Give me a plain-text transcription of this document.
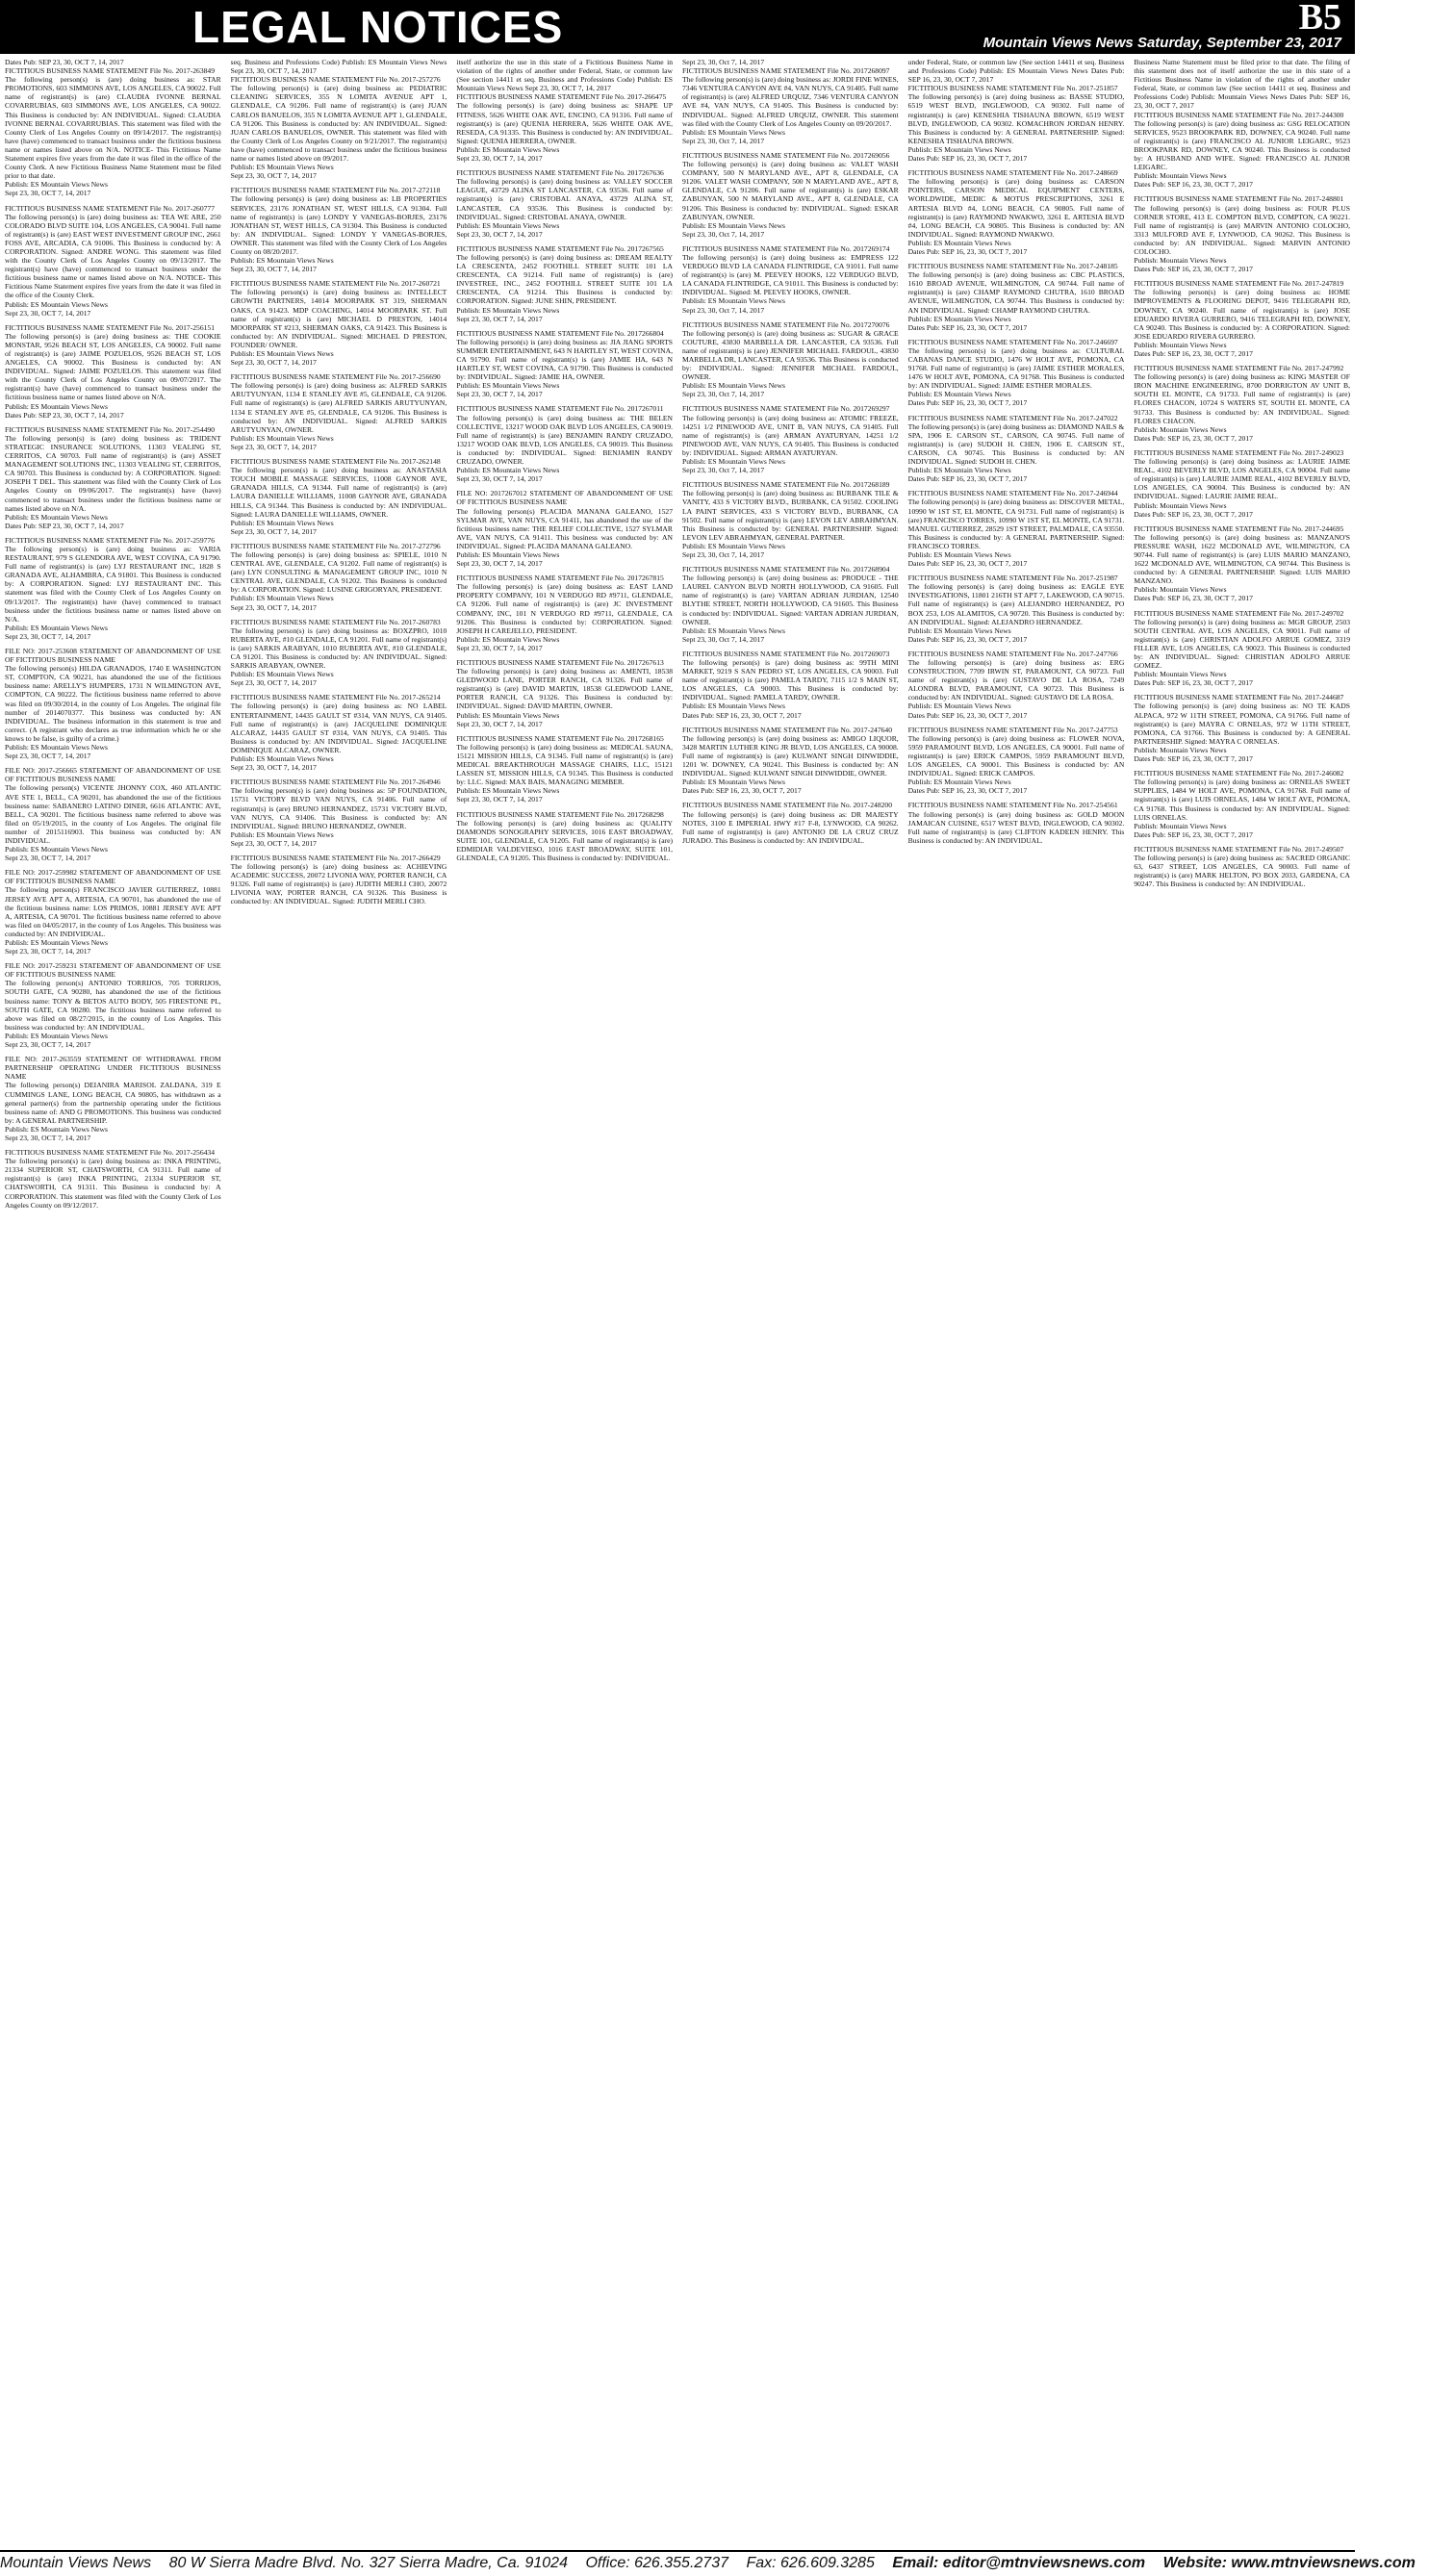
LEGAL NOTICES	B5
Mountain Views News Saturday, September 23, 2017
Dates Pub: SEP 23, 30, OCT 7, 14, 2017
FICTITIOUS BUSINESS NAME STATEMENT File No. 2017-263849
The following person(s) is (are) doing business as: STAR PROMOTIONS, 603 SIMMONS AVE, LOS ANGELES, CA 90022. Full name of registrant(s) is (are) CLAUDIA IVONNE BERNAL COVARRUBIAS, 603 SIMMONS AVE, LOS ANGELES, CA 90022. This Business is conducted by: AN INDIVIDUAL. Signed: CLAUDIA IVONNE BERNAL COVARRUBIAS. This statement was filed with the County Clerk of Los Angeles County on 09/14/2017. The registrant(s) have (have) commenced to transact business under the fictitious business name or names listed above on N/A. NOTICE- This Fictitious Name Statement expires five years from the date it was filed in the office of the County Clerk. A new Fictitious Business Name Statement must be filed prior to that date.
Publish: ES Mountain Views News
Sept 23, 30, OCT 7, 14, 2017
FICTITIOUS BUSINESS NAME STATEMENT File No. 2017-260777
The following person(s) is (are) doing business as: TEA WE ARE, 250 COLORADO BLVD SUITE 104, LOS ANGELES, CA 90041. Full name of registrant(s) is (are) EAST WEST INVESTMENT GROUP INC, 2661 FOSS AVE, ARCADIA, CA 91006. This Business is conducted by: A CORPORATION. Signed: ANDRE WONG. This statement was filed with the County Clerk of Los Angeles County on 09/13/2017. The registrant(s) have (have) commenced to transact business under the fictitious business name or names listed above on N/A. NOTICE- This Fictitious Name Statement expires five years from the date it was filed in the office of the County Clerk.
Publish: ES Mountain Views News
Sept 23, 30, OCT 7, 14, 2017
FICTITIOUS BUSINESS NAME STATEMENT File No. 2017-256151
The following person(s) is (are) doing business as: THE COOKIE MONSTAR, 9526 BEACH ST, LOS ANGELES, CA 90002. Full name of registrant(s) is (are) JAIME POZUELOS, 9526 BEACH ST, LOS ANGELES, CA 90002. This Business is conducted by: AN INDIVIDUAL. Signed: JAIME POZUELOS. This statement was filed with the County Clerk of Los Angeles County on 09/07/2017. The registrant(s) have (have) commenced to transact business under the fictitious business name or names listed above on N/A.
Publish: ES Mountain Views News
Dates Pub: SEP 23, 30, OCT 7, 14, 2017
FICTITIOUS BUSINESS NAME STATEMENT File No. 2017-254490
The following person(s) is (are) doing business as: TRIDENT STRATEGIC INSURANCE SOLUTIONS, 11303 VEALING ST, CERRITOS, CA 90703. Full name of registrant(s) is (are) ASSET MANAGEMENT SOLUTIONS INC, 11303 VEALING ST, CERRITOS, CA 90703. This Business is conducted by: A CORPORATION. Signed: JOSEPH T DEL. This statement was filed with the County Clerk of Los Angeles County on 09/06/2017. The registrant(s) have (have) commenced to transact business under the fictitious business name or names listed above on N/A.
Publish: ES Mountain Views News
Dates Pub: SEP 23, 30, OCT 7, 14, 2017
FICTITIOUS BUSINESS NAME STATEMENT File No. 2017-259776
The following person(s) is (are) doing business as: VARIA RESTAURANT, 979 S GLENDORA AVE, WEST COVINA, CA 91790. Full name of registrant(s) is (are) LYJ RESTAURANT INC, 1828 S GRANADA AVE, ALHAMBRA, CA 91801. This Business is conducted by: A CORPORATION. Signed: LYJ RESTAURANT INC. This statement was filed with the County Clerk of Los Angeles County on 09/13/2017. The registrant(s) have (have) commenced to transact business under the fictitious business name or names listed above on N/A.
Publish: ES Mountain Views News
Sept 23, 30, OCT 7, 14, 2017
FILE NO: 2017-253608 STATEMENT OF ABANDONMENT OF USE OF FICTITIOUS BUSINESS NAME
The following person(s) HILDA GRANADOS, 1740 E WASHINGTON ST, COMPTON, CA 90221, has abandoned the use of the fictitious business name: ARELLY'S HUMPERS, 1731 N WILMINGTON AVE, COMPTON, CA 90222. The fictitious business name referred to above was filed on 09/30/2014, in the county of Los Angeles. The original file number of 2014070377. This business was conducted by: AN INDIVIDUAL. The business information in this statement is true and correct. (A registrant who declares as true information which he or she knows to be false, is guilty of a crime.)
Publish: ES Mountain Views News
Sept 23, 30, OCT 7, 14, 2017
FILE NO: 2017-256665 STATEMENT OF ABANDONMENT OF USE OF FICTITIOUS BUSINESS NAME
The following person(s) VICENTE JHONNY COX, 460 ATLANTIC AVE STE 1, BELL, CA 90201, has abandoned the use of the fictitious business name: SABANERO LATINO DINER, 6616 ATLANTIC AVE, BELL, CA 90201. The fictitious business name referred to above was filed on 05/19/2015, in the county of Los Angeles. The original file number of 2015116903. This business was conducted by: AN INDIVIDUAL.
Publish: ES Mountain Views News
Sept 23, 30, OCT 7, 14, 2017
FILE NO: 2017-259982 STATEMENT OF ABANDONMENT OF USE OF FICTITIOUS BUSINESS NAME
The following person(s) FRANCISCO JAVIER GUTIERREZ, 10881 JERSEY AVE APT A, ARTESIA, CA 90701, has abandoned the use of the fictitious business name: LOS PRIMOS, 10881 JERSEY AVE APT A, ARTESIA, CA 90701. The fictitious business name referred to above was filed on 04/05/2017, in the county of Los Angeles. This business was conducted by: AN INDIVIDUAL.
Publish: ES Mountain Views News
Sept 23, 30, OCT 7, 14, 2017
FILE NO: 2017-259231 STATEMENT OF ABANDONMENT OF USE OF FICTITIOUS BUSINESS NAME
The following person(s) ANTONIO TORRIJOS, 705 TORRIJOS, SOUTH GATE, CA 90280, has abandoned the use of the fictitious business name: TONY & BETOS AUTO BODY, 505 FIRESTONE PL, SOUTH GATE, CA 90280. The fictitious business name referred to above was filed on 08/27/2015, in the county of Los Angeles. This business was conducted by: AN INDIVIDUAL.
Publish: ES Mountain Views News
Sept 23, 30, OCT 7, 14, 2017
FILE NO: 2017-263559 STATEMENT OF WITHDRAWAL FROM PARTNERSHIP OPERATING UNDER FICTITIOUS BUSINESS NAME
The following person(s) DEIANIRA MARISOL ZALDANA, 319 E CUMMINGS LANE, LONG BEACH, CA 90805, has withdrawn as a general partner(s) from the partnership operating under the fictitious business name of: AND G PROMOTIONS. This business was conducted by: A GENERAL PARTNERSHIP.
Publish: ES Mountain Views News
Sept 23, 30, OCT 7, 14, 2017
FICTITIOUS BUSINESS NAME STATEMENT File No. 2017-256434
The following person(s) is (are) doing business as: INKA PRINTING, 21334 SUPERIOR ST, CHATSWORTH, CA 91311. Full name of registrant(s) is (are) INKA PRINTING, 21334 SUPERIOR ST, CHATSWORTH, CA 91311. This Business is conducted by: A CORPORATION. This statement was filed with the County Clerk of Los Angeles County on 09/12/2017.
seq. Business and Professions Code) Publish: ES Mountain Views News Sept 23, 30, OCT 7, 14, 2017
FICTITIOUS BUSINESS NAME STATEMENT File No. 2017-257276
The following person(s) is (are) doing business as: PEDIATRIC CLEANING SERVICES, 355 N LOMITA AVENUE APT 1, GLENDALE, CA 91206. Full name of registrant(s) is (are) JUAN CARLOS BANUELOS, 355 N LOMITA AVENUE APT 1, GLENDALE, CA 91206. This Business is conducted by: AN INDIVIDUAL. Signed: JUAN CARLOS BANUELOS, OWNER. This statement was filed with the County Clerk of Los Angeles County on 9/21/2017. The registrant(s) have (have) commenced to transact business under the fictitious business name or names listed above on 09/2017.
Publish: ES Mountain Views News
Sept 23, 30, OCT 7, 14, 2017
FICTITIOUS BUSINESS NAME STATEMENT File No. 2017-272118
The following person(s) is (are) doing business as: LB PROPERTIES SERVICES, 23176 JONATHAN ST, WEST HILLS, CA 91304. Full name of registrant(s) is (are) LONDY Y VANEGAS-BORJES, 23176 JONATHAN ST, WEST HILLS, CA 91304. This Business is conducted by: AN INDIVIDUAL. Signed: LONDY Y VANEGAS-BORJES, OWNER. This statement was filed with the County Clerk of Los Angeles County on 08/20/2017.
Publish: ES Mountain Views News
Sept 23, 30, OCT 7, 14, 2017
FICTITIOUS BUSINESS NAME STATEMENT File No. 2017-260721
The following person(s) is (are) doing business as: INTELLECT GROWTH PARTNERS, 14014 MOORPARK ST 319, SHERMAN OAKS, CA 91423. MDP COACHING, 14014 MOORPARK ST. Full name of registrant(s) is (are) MICHAEL D PRESTON, 14014 MOORPARK ST #213, SHERMAN OAKS, CA 91423. This Business is conducted by: AN INDIVIDUAL. Signed: MICHAEL D PRESTON, FOUNDER/ OWNER.
Publish: ES Mountain Views News
Sept 23, 30, OCT 7, 14, 2017
FICTITIOUS BUSINESS NAME STATEMENT File No. 2017-256690
The following person(s) is (are) doing business as: ALFRED SARKIS ARUTYUNYAN, 1134 E STANLEY AVE #5, GLENDALE, CA 91206. Full name of registrant(s) is (are) ALFRED SARKIS ARUTYUNYAN, 1134 E STANLEY AVE #5, GLENDALE, CA 91206. This Business is conducted by: AN INDIVIDUAL. Signed: ALFRED SARKIS ARUTYUNYAN, OWNER.
Publish: ES Mountain Views News
Sept 23, 30, OCT 7, 14, 2017
FICTITIOUS BUSINESS NAME STATEMENT File No. 2017-262148
The following person(s) is (are) doing business as: ANASTASIA TOUCH MOBILE MASSAGE SERVICES, 11008 GAYNOR AVE, GRANADA HILLS, CA 91344. Full name of registrant(s) is (are) LAURA DANIELLE WILLIAMS, 11008 GAYNOR AVE, GRANADA HILLS, CA 91344. This Business is conducted by: AN INDIVIDUAL. Signed: LAURA DANIELLE WILLIAMS, OWNER.
Publish: ES Mountain Views News
Sept 23, 30, OCT 7, 14, 2017
FICTITIOUS BUSINESS NAME STATEMENT File No. 2017-272796
The following person(s) is (are) doing business as: SPIELE, 1010 N CENTRAL AVE, GLENDALE, CA 91202. Full name of registrant(s) is (are) LYN CONSULTING & MANAGEMENT GROUP INC, 1010 N CENTRAL AVE, GLENDALE, CA 91202. This Business is conducted by: A CORPORATION. Signed: LUSINE GRIGORYAN, PRESIDENT.
Publish: ES Mountain Views News
Sept 23, 30, OCT 7, 14, 2017
FICTITIOUS BUSINESS NAME STATEMENT File No. 2017-260783
The following person(s) is (are) doing business as: BOXZPRO, 1010 RUBERTA AVE, #10 GLENDALE, CA 91201. Full name of registrant(s) is (are) SARKIS ARABYAN, 1010 RUBERTA AVE, #10 GLENDALE, CA 91201. This Business is conducted by: AN INDIVIDUAL. Signed: SARKIS ARABYAN, OWNER.
Publish: ES Mountain Views News
Sept 23, 30, OCT 7, 14, 2017
FICTITIOUS BUSINESS NAME STATEMENT File No. 2017-265214
The following person(s) is (are) doing business as: NO LABEL ENTERTAINMENT, 14435 GAULT ST #314, VAN NUYS, CA 91405. Full name of registrant(s) is (are) JACQUELINE DOMINIQUE ALCARAZ, 14435 GAULT ST #314, VAN NUYS, CA 91405. This Business is conducted by: AN INDIVIDUAL. Signed: JACQUELINE DOMINIQUE ALCARAZ, OWNER.
Publish: ES Mountain Views News
Sept 23, 30, OCT 7, 14, 2017
FICTITIOUS BUSINESS NAME STATEMENT File No. 2017-264946
The following person(s) is (are) doing business as: 5P FOUNDATION, 15731 VICTORY BLVD VAN NUYS, CA 91406. Full name of registrant(s) is (are) BRUNO HERNANDEZ, 15731 VICTORY BLVD, VAN NUYS, CA 91406. This Business is conducted by: AN INDIVIDUAL. Signed: BRUNO HERNANDEZ, OWNER.
Publish: ES Mountain Views News
Sept 23, 30, OCT 7, 14, 2017
FICTITIOUS BUSINESS NAME STATEMENT File No. 2017-266429
The following person(s) is (are) doing business as: ACHIEVING ACADEMIC SUCCESS, 20072 LIVONIA WAY, PORTER RANCH, CA 91326. Full name of registrant(s) is (are) JUDITH MERLI CHO, 20072 LIVONIA WAY, PORTER RANCH, CA 91326. This Business is conducted by: AN INDIVIDUAL. Signed: JUDITH MERLI CHO.
itself authorize the use in this state of a Fictitious Business Name in violation of the rights of another under Federal, State, or common law (See section 14411 et seq. Business and Professions Code) Publish: ES Mountain Views News Sept 23, 30, OCT 7, 14, 2017
FICTITIOUS BUSINESS NAME STATEMENT File No. 2017-266475
The following person(s) is (are) doing business as: SHAPE UP FITNESS, 5626 WHITE OAK AVE, ENCINO, CA 91316. Full name of registrant(s) is (are) QUENIA HERRERA, 5626 WHITE OAK AVE, RESEDA, CA 91335. This Business is conducted by: AN INDIVIDUAL. Signed: QUENIA HERRERA, OWNER.
Publish: ES Mountain Views News
Sept 23, 30, OCT 7, 14, 2017
FICTITIOUS BUSINESS NAME STATEMENT File No. 2017267636
The following person(s) is (are) doing business as: VALLEY SOCCER LEAGUE, 43729 ALINA ST LANCASTER, CA 93536. Full name of registrant(s) is (are) CRISTOBAL ANAYA, 43729 ALINA ST, LANCASTER, CA 93536. This Business is conducted by: INDIVIDUAL. Signed: CRISTOBAL ANAYA, OWNER.
Publish: ES Mountain Views News
Sept 23, 30, OCT 7, 14, 2017
FICTITIOUS BUSINESS NAME STATEMENT File No. 2017267565
The following person(s) is (are) doing business as: DREAM REALTY LA CRESCENTA, 2452 FOOTHILL STREET SUITE 101 LA CRESCENTA, CA 91214. Full name of registrant(s) is (are) INVESTREE, INC., 2452 FOOTHILL STREET SUITE 101 LA CRESCENTA, CA 91214. This Business is conducted by: CORPORATION. Signed: JUNE SHIN, PRESIDENT.
Publish: ES Mountain Views News
Sept 23, 30, OCT 7, 14, 2017
FICTITIOUS BUSINESS NAME STATEMENT File No. 2017266804
The following person(s) is (are) doing business as: JIA JIANG SPORTS SUMMER ENTERTAINMENT, 643 N HARTLEY ST, WEST COVINA, CA 91790. Full name of registrant(s) is (are) JAMIE HA, 643 N HARTLEY ST, WEST COVINA, CA 91790. This Business is conducted by: INDIVIDUAL. Signed: JAMIE HA, OWNER.
Publish: ES Mountain Views News
Sept 23, 30, OCT 7, 14, 2017
FICTITIOUS BUSINESS NAME STATEMENT File No. 2017267011
The following person(s) is (are) doing business as: THE BELEN COLLECTIVE, 13217 WOOD OAK BLVD LOS ANGELES, CA 90019. Full name of registrant(s) is (are) BENJAMIN RANDY CRUZADO, 13217 WOOD OAK BLVD, LOS ANGELES, CA 90019. This Business is conducted by: INDIVIDUAL. Signed: BENJAMIN RANDY CRUZADO, OWNER.
Publish: ES Mountain Views News
Sept 23, 30, OCT 7, 14, 2017
FILE NO: 2017267012 STATEMENT OF ABANDONMENT OF USE OF FICTITIOUS BUSINESS NAME
The following person(s) PLACIDA MANANA GALEANO, 1527 SYLMAR AVE, VAN NUYS, CA 91411, has abandoned the use of the fictitious business name: THE RELIEF COLLECTIVE, 1527 SYLMAR AVE, VAN NUYS, CA 91411. This business was conducted by: AN INDIVIDUAL. Signed: PLACIDA MANANA GALEANO.
Publish: ES Mountain Views News
Sept 23, 30, OCT 7, 14, 2017
FICTITIOUS BUSINESS NAME STATEMENT File No. 2017267815
The following person(s) is (are) doing business as: EAST LAND PROPERTY COMPANY, 101 N VERDUGO RD #9711, GLENDALE, CA 91206. Full name of registrant(s) is (are) JC INVESTMENT COMPANY, INC, 101 N VERDUGO RD #9711, GLENDALE, CA 91206. This Business is conducted by: CORPORATION. Signed: JOSEPH H CAREJELLO, PRESIDENT.
Publish: ES Mountain Views News
Sept 23, 30, OCT 7, 14, 2017
FICTITIOUS BUSINESS NAME STATEMENT File No. 2017267613
The following person(s) is (are) doing business as: AMENTI, 18538 GLEDWOOD LANE, PORTER RANCH, CA 91326. Full name of registrant(s) is (are) DAVID MARTIN, 18538 GLEDWOOD LANE, PORTER RANCH, CA 91326. This Business is conducted by: INDIVIDUAL. Signed: DAVID MARTIN, OWNER.
Publish: ES Mountain Views News
Sept 23, 30, OCT 7, 14, 2017
FICTITIOUS BUSINESS NAME STATEMENT File No. 2017268165
The following person(s) is (are) doing business as: MEDICAL SAUNA, 15121 MISSION HILLS, CA 91345. Full name of registrant(s) is (are) MEDICAL BREAKTHROUGH MASSAGE CHAIRS, LLC, 15121 LASSEN ST, MISSION HILLS, CA 91345. This Business is conducted by: LLC. Signed: MAX BAIS, MANAGING MEMBER.
Publish: ES Mountain Views News
Sept 23, 30, OCT 7, 14, 2017
FICTITIOUS BUSINESS NAME STATEMENT File No. 2017268298
The following person(s) is (are) doing business as: QUALITY DIAMONDS SONOGRAPHY SERVICES, 1016 EAST BROADWAY, SUITE 101, GLENDALE, CA 91205. Full name of registrant(s) is (are) EDMIDIAR VALDEVIESO, 1016 EAST BROADWAY, SUITE 101, GLENDALE, CA 91205. This Business is conducted by: INDIVIDUAL.
Sept 23, 30, Oct 7, 14, 2017
FICTITIOUS BUSINESS NAME STATEMENT File No. 2017268097
The following person(s) is (are) doing business as: JORDI FINE WINES, 7346 VENTURA CANYON AVE #4, VAN NUYS, CA 91405. Full name of registrant(s) is (are) ALFRED URQUIZ, 7346 VENTURA CANYON AVE #4, VAN NUYS, CA 91405. This Business is conducted by: INDIVIDUAL. Signed: ALFRED URQUIZ, OWNER. This statement was filed with the County Clerk of Los Angeles County on 09/20/2017.
Publish: ES Mountain Views News
Sept 23, 30, Oct 7, 14, 2017
FICTITIOUS BUSINESS NAME STATEMENT File No. 2017269056
The following person(s) is (are) doing business as: VALET WASH COMPANY, 500 N MARYLAND AVE., APT 8, GLENDALE, CA 91206. VALET WASH COMPANY, 500 N MARYLAND AVE., APT 8, GLENDALE, CA 91206. Full name of registrant(s) is (are) ESKAR ZABUNYAN, 500 N MARYLAND AVE., APT 8, GLENDALE, CA 91206. This Business is conducted by: INDIVIDUAL. Signed: ESKAR ZABUNYAN, OWNER.
Publish: ES Mountain Views News
Sept 23, 30, Oct 7, 14, 2017
FICTITIOUS BUSINESS NAME STATEMENT File No. 2017269174
The following person(s) is (are) doing business as: EMPRESS 122 VERDUGO BLVD LA CANADA FLINTRIDGE, CA 91011. Full name of registrant(s) is (are) M. PEEVEY HOOKS, 122 VERDUGO BLVD, LA CANADA FLINTRIDGE, CA 91011. This Business is conducted by: INDIVIDUAL. Signed: M. PEEVEY HOOKS, OWNER.
Publish: ES Mountain Views News
Sept 23, 30, Oct 7, 14, 2017
FICTITIOUS BUSINESS NAME STATEMENT File No. 2017270076
The following person(s) is (are) doing business as: SUGAR & GRACE COUTURE, 43830 MARBELLA DR. LANCASTER, CA 93536. Full name of registrant(s) is (are) JENNIFER MICHAEL FARDOUL, 43830 MARBELLA DR, LANCASTER, CA 93536. This Business is conducted by: INDIVIDUAL. Signed: JENNIFER MICHAEL FARDOUL, OWNER.
Publish: ES Mountain Views News
Sept 23, 30, Oct 7, 14, 2017
FICTITIOUS BUSINESS NAME STATEMENT File No. 2017269297
The following person(s) is (are) doing business as: ATOMIC FREEZE, 14251 1/2 PINEWOOD AVE, UNIT B, VAN NUYS, CA 91405. Full name of registrant(s) is (are) ARMAN AYATURYAN, 14251 1/2 PINEWOOD AVE, VAN NUYS, CA 91405. This Business is conducted by: INDIVIDUAL. Signed: ARMAN AYATURYAN.
Publish: ES Mountain Views News
Sept 23, 30, Oct 7, 14, 2017
FICTITIOUS BUSINESS NAME STATEMENT File No. 2017268189
The following person(s) is (are) doing business as: BURBANK TILE & VANITY, 433 S VICTORY BLVD., BURBANK, CA 91502. COOLING LA PAINT SERVICES, 433 S VICTORY BLVD., BURBANK, CA 91502. Full name of registrant(s) is (are) LEVON LEV ABRAHMYAN. This Business is conducted by: GENERAL PARTNERSHIP. Signed: LEVON LEV ABRAHMYAN, GENERAL PARTNER.
Publish: ES Mountain Views News
Sept 23, 30, Oct 7, 14, 2017
FICTITIOUS BUSINESS NAME STATEMENT File No. 2017268904
The following person(s) is (are) doing business as: PRODUCE - THE LAUREL CANYON BLVD NORTH HOLLYWOOD, CA 91605. Full name of registrant(s) is (are) VARTAN ADRIAN JURDIAN, 12540 BLYTHE STREET, NORTH HOLLYWOOD, CA 91605. This Business is conducted by: INDIVIDUAL. Signed: VARTAN ADRIAN JURDIAN, OWNER.
Publish: ES Mountain Views News
Sept 23, 30, Oct 7, 14, 2017
FICTITIOUS BUSINESS NAME STATEMENT File No. 2017269073
The following person(s) is (are) doing business as: 99TH MINI MARKET, 9219 S SAN PEDRO ST, LOS ANGELES, CA 90003. Full name of registrant(s) is (are) PAMELA TARDY, 7115 1/2 S MAIN ST, LOS ANGELES, CA 90003. This Business is conducted by: INDIVIDUAL. Signed: PAMELA TARDY, OWNER.
Publish: ES Mountain Views News
Dates Pub: SEP 16, 23, 30, OCT 7, 2017
FICTITIOUS BUSINESS NAME STATEMENT File No. 2017-247640
The following person(s) is (are) doing business as: AMIGO LIQUOR, 3428 MARTIN LUTHER KING JR BLVD, LOS ANGELES, CA 90008. Full name of registrant(s) is (are) KULWANT SINGH DINWIDDIE, 1201 W. DOWNEY, CA 90241. This Business is conducted by: AN INDIVIDUAL. Signed: KULWANT SINGH DINWIDDIE, OWNER.
Publish: ES Mountain Views News
Dates Pub: SEP 16, 23, 30, OCT 7, 2017
FICTITIOUS BUSINESS NAME STATEMENT File No. 2017-248200
The following person(s) is (are) doing business as: DR MAJESTY NOTES, 3100 E IMPERIAL HWY #17 F-8, LYNWOOD, CA 90262. Full name of registrant(s) is (are) ANTONIO DE LA CRUZ CRUZ JURADO. This Business is conducted by: AN INDIVIDUAL.
under Federal, State, or common law (See section 14411 et seq. Business and Professions Code) Publish: ES Mountain Views News Dates Pub: SEP 16, 23, 30, OCT 7, 2017
FICTITIOUS BUSINESS NAME STATEMENT File No. 2017-251857
The following person(s) is (are) doing business as: BASSE STUDIO, 6519 WEST BLVD, INGLEWOOD, CA 90302. Full name of registrant(s) is (are) KENESHIA TISHAUNA BROWN, 6519 WEST BLVD, INGLEWOOD, CA 90302. KOMACHRON JORDAN HENRY. This Business is conducted by: A GENERAL PARTNERSHIP. Signed: KENESHIA TISHAUNA BROWN.
Publish: ES Mountain Views News
Dates Pub: SEP 16, 23, 30, OCT 7, 2017
FICTITIOUS BUSINESS NAME STATEMENT File No. 2017-248669
The following person(s) is (are) doing business as: CARSON POINTERS, CARSON MEDICAL EQUIPMENT CENTERS, WORLDWIDE, MEDIC & MOTUS PRESCRIPTIONS, 3261 E ARTESIA BLVD #4, LONG BEACH, CA 90805. Full name of registrant(s) is (are) RAYMOND NWAKWO, 3261 E. ARTESIA BLVD #4, LONG BEACH, CA 90805. This Business is conducted by: AN INDIVIDUAL. Signed: RAYMOND NWAKWO.
Publish: ES Mountain Views News
Dates Pub: SEP 16, 23, 30, OCT 7, 2017
FICTITIOUS BUSINESS NAME STATEMENT File No. 2017-248185
The following person(s) is (are) doing business as: CBC PLASTICS, 1610 BROAD AVENUE, WILMINGTON, CA 90744. Full name of registrant(s) is (are) CHAMP RAYMOND CHUTRA, 1610 BROAD AVENUE, WILMINGTON, CA 90744. This Business is conducted by: AN INDIVIDUAL. Signed: CHAMP RAYMOND CHUTRA.
Publish: ES Mountain Views News
Dates Pub: SEP 16, 23, 30, OCT 7, 2017
FICTITIOUS BUSINESS NAME STATEMENT File No. 2017-246697
The following person(s) is (are) doing business as: CULTURAL CABANAS DANCE STUDIO, 1476 W HOLT AVE, POMONA, CA 91768. Full name of registrant(s) is (are) JAIME ESTHER MORALES, 1476 W HOLT AVE, POMONA, CA 91768. This Business is conducted by: AN INDIVIDUAL. Signed: JAIME ESTHER MORALES.
Publish: ES Mountain Views News
Dates Pub: SEP 16, 23, 30, OCT 7, 2017
FICTITIOUS BUSINESS NAME STATEMENT File No. 2017-247022
The following person(s) is (are) doing business as: DIAMOND NAILS & SPA, 1906 E. CARSON ST., CARSON, CA 90745. Full name of registrant(s) is (are) SUDOH H. CHEN, 1906 E. CARSON ST., CARSON, CA 90745. This Business is conducted by: AN INDIVIDUAL. Signed: SUDOH H. CHEN.
Publish: ES Mountain Views News
Dates Pub: SEP 16, 23, 30, OCT 7, 2017
FICTITIOUS BUSINESS NAME STATEMENT File No. 2017-246944
The following person(s) is (are) doing business as: DISCOVER METAL, 10990 W 1ST ST, EL MONTE, CA 91731. Full name of registrant(s) is (are) FRANCISCO TORRES, 10990 W 1ST ST, EL MONTE, CA 91731. MANUEL GUTIERREZ, 28529 1ST STREET, PALMDALE, CA 93550. This Business is conducted by: A GENERAL PARTNERSHIP. Signed: FRANCISCO TORRES.
Publish: ES Mountain Views News
Dates Pub: SEP 16, 23, 30, OCT 7, 2017
FICTITIOUS BUSINESS NAME STATEMENT File No. 2017-251987
The following person(s) is (are) doing business as: EAGLE EYE INVESTIGATIONS, 11801 216TH ST APT 7, LAKEWOOD, CA 90715. Full name of registrant(s) is (are) ALEJANDRO HERNANDEZ, PO BOX 253, LOS ALAMITOS, CA 90720. This Business is conducted by: AN INDIVIDUAL. Signed: ALEJANDRO HERNANDEZ.
Publish: ES Mountain Views News
Dates Pub: SEP 16, 23, 30, OCT 7, 2017
FICTITIOUS BUSINESS NAME STATEMENT File No. 2017-247766
The following person(s) is (are) doing business as: ERG CONSTRUCTION, 7709 IRWIN ST, PARAMOUNT, CA 90723. Full name of registrant(s) is (are) GUSTAVO DE LA ROSA, 7249 ALONDRA BLVD, PARAMOUNT, CA 90723. This Business is conducted by: AN INDIVIDUAL. Signed: GUSTAVO DE LA ROSA.
Publish: ES Mountain Views News
Dates Pub: SEP 16, 23, 30, OCT 7, 2017
FICTITIOUS BUSINESS NAME STATEMENT File No. 2017-247753
The following person(s) is (are) doing business as: FLOWER NOVA, 5959 PARAMOUNT BLVD, LOS ANGELES, CA 90001. Full name of registrant(s) is (are) ERICK CAMPOS, 5959 PARAMOUNT BLVD, LOS ANGELES, CA 90001. This Business is conducted by: AN INDIVIDUAL. Signed: ERICK CAMPOS.
Publish: ES Mountain Views News
Dates Pub: SEP 16, 23, 30, OCT 7, 2017
FICTITIOUS BUSINESS NAME STATEMENT File No. 2017-254561
The following person(s) is (are) doing business as: GOLD MOON JAMAICAN CUISINE, 6517 WEST BLVD, INGLEWOOD, CA 90302. Full name of registrant(s) is (are) CLIFTON KADEEN HENRY. This Business is conducted by: AN INDIVIDUAL.
Business Name Statement must be filed prior to that date. The filing of this statement does not of itself authorize the use in this state of a Fictitious Business Name in violation of the rights of another under Federal, State, or common law (See section 14411 et seq. Business and Professions Code) Publish: Mountain Views News Dates Pub: SEP 16, 23, 30, OCT 7, 2017
FICTITIOUS BUSINESS NAME STATEMENT File No. 2017-244300
The following person(s) is (are) doing business as: GSG RELOCATION SERVICES, 9523 BROOKPARK RD, DOWNEY, CA 90240. Full name of registrant(s) is (are) FRANCISCO AL JUNIOR LEIGARC, 9523 BROOKPARK RD, DOWNEY, CA 90240. This Business is conducted by: A HUSBAND AND WIFE. Signed: FRANCISCO AL JUNIOR LEIGARC.
Publish: Mountain Views News
Dates Pub: SEP 16, 23, 30, OCT 7, 2017
FICTITIOUS BUSINESS NAME STATEMENT File No. 2017-248801
The following person(s) is (are) doing business as: FOUR PLUS CORNER STORE, 413 E. COMPTON BLVD, COMPTON, CA 90221. Full name of registrant(s) is (are) MARVIN ANTONIO COLOCHO, 3313 MULFORD AVE F, LYNWOOD, CA 90262. This Business is conducted by: AN INDIVIDUAL. Signed: MARVIN ANTONIO COLOCHO.
Publish: Mountain Views News
Dates Pub: SEP 16, 23, 30, OCT 7, 2017
FICTITIOUS BUSINESS NAME STATEMENT File No. 2017-247819
The following person(s) is (are) doing business as: HOME IMPROVEMENTS & FLOORING DEPOT, 9416 TELEGRAPH RD, DOWNEY, CA 90240. Full name of registrant(s) is (are) JOSE EDUARDO RIVERA GURRERO, 9416 TELEGRAPH RD, DOWNEY, CA 90240. This Business is conducted by: A CORPORATION. Signed: JOSE EDUARDO RIVERA GURRERO.
Publish: Mountain Views News
Dates Pub: SEP 16, 23, 30, OCT 7, 2017
FICTITIOUS BUSINESS NAME STATEMENT File No. 2017-247992
The following person(s) is (are) doing business as: KING MASTER OF IRON MACHINE ENGINEERING, 8700 DORRIGTON AV UNIT B, SOUTH EL MONTE, CA 91733. Full name of registrant(s) is (are) FLORES CHACON, 10724 S WATERS ST, SOUTH EL MONTE, CA 91733. This Business is conducted by: AN INDIVIDUAL. Signed: FLORES CHACON.
Publish: Mountain Views News
Dates Pub: SEP 16, 23, 30, OCT 7, 2017
FICTITIOUS BUSINESS NAME STATEMENT File No. 2017-249023
The following person(s) is (are) doing business as: LAURIE JAIME REAL, 4102 BEVERLY BLVD, LOS ANGELES, CA 90004. Full name of registrant(s) is (are) LAURIE JAIME REAL, 4102 BEVERLY BLVD, LOS ANGELES, CA 90004. This Business is conducted by: AN INDIVIDUAL. Signed: LAURIE JAIME REAL.
Publish: Mountain Views News
Dates Pub: SEP 16, 23, 30, OCT 7, 2017
FICTITIOUS BUSINESS NAME STATEMENT File No. 2017-244695
The following person(s) is (are) doing business as: MANZANO'S PRESSURE WASH, 1622 MCDONALD AVE, WILMINGTON, CA 90744. Full name of registrant(s) is (are) LUIS MARIO MANZANO, 1622 MCDONALD AVE, WILMINGTON, CA 90744. This Business is conducted by: A GENERAL PARTNERSHIP. Signed: LUIS MARIO MANZANO.
Publish: Mountain Views News
Dates Pub: SEP 16, 23, 30, OCT 7, 2017
FICTITIOUS BUSINESS NAME STATEMENT File No. 2017-249702
The following person(s) is (are) doing business as: MGR GROUP, 2503 SOUTH CENTRAL AVE, LOS ANGELES, CA 90011. Full name of registrant(s) is (are) CHRISTIAN ADOLFO ARRUE GOMEZ, 3319 FILLER AVE, LOS ANGELES, CA 90023. This Business is conducted by: AN INDIVIDUAL. Signed: CHRISTIAN ADOLFO ARRUE GOMEZ.
Publish: Mountain Views News
Dates Pub: SEP 16, 23, 30, OCT 7, 2017
FICTITIOUS BUSINESS NAME STATEMENT File No. 2017-244687
The following person(s) is (are) doing business as: NO TE KADS ALPACA, 972 W 11TH STREET, POMONA, CA 91766. Full name of registrant(s) is (are) MAYRA C ORNELAS, 972 W 11TH STREET, POMONA, CA 91766. This Business is conducted by: A GENERAL PARTNERSHIP. Signed: MAYRA C ORNELAS.
Publish: Mountain Views News
Dates Pub: SEP 16, 23, 30, OCT 7, 2017
FICTITIOUS BUSINESS NAME STATEMENT File No. 2017-246082
The following person(s) is (are) doing business as: ORNELAS SWEET SUPPLIES, 1484 W HOLT AVE, POMONA, CA 91768. Full name of registrant(s) is (are) LUIS ORNELAS, 1484 W HOLT AVE, POMONA, CA 91768. This Business is conducted by: AN INDIVIDUAL. Signed: LUIS ORNELAS.
Publish: Mountain Views News
Dates Pub: SEP 16, 23, 30, OCT 7, 2017
FICTITIOUS BUSINESS NAME STATEMENT File No. 2017-249507
The following person(s) is (are) doing business as: SACRED ORGANIC 63, 6437 STREET, LOS ANGELES, CA 90003. Full name of registrant(s) is (are) MARK HELTON, PO BOX 2033, GARDENA, CA 90247. This Business is conducted by: AN INDIVIDUAL.
Mountain Views News 80 W Sierra Madre Blvd. No. 327 Sierra Madre, Ca. 91024 Office: 626.355.2737 Fax: 626.609.3285 Email: editor@mtnviewsnews.com Website: www.mtnviewsnews.com
